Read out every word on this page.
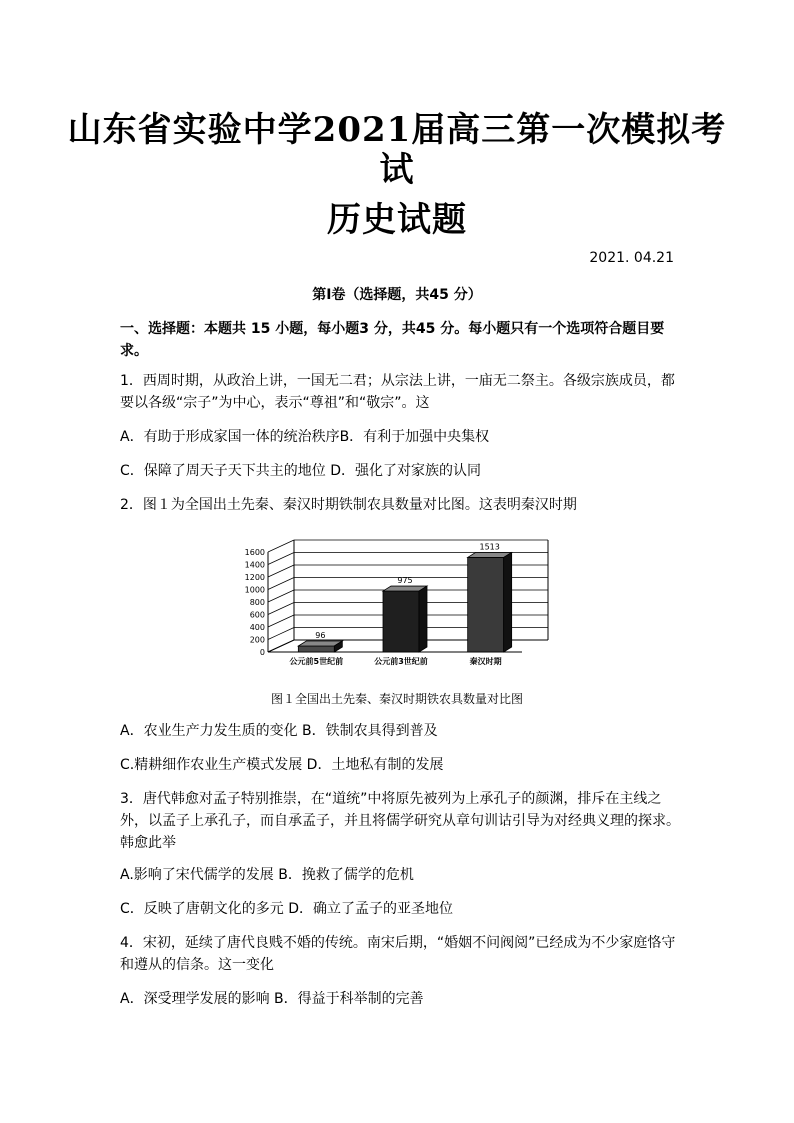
山东省实验中学2021届高三第一次模拟考
试
历史试题
2021. 04.21
第Ⅰ卷（选择题，共45 分）
一、选择题：本题共 15 小题，每小题3 分，共45 分。每小题只有一个选项符合题目要求。
1．西周时期，从政治上讲，一国无二君；从宗法上讲，一庙无二祭主。各级宗族成员，都要以各级“宗子”为中心，表示“尊祖”和“敬宗”。这
A．有助于形成家国一体的统治秩序B．有利于加强中央集权
C．保障了周天子天下共主的地位 D．强化了对家族的认同
2．图１为全国出土先秦、秦汉时期铁制农具数量对比图。这表明秦汉时期
0
200
400
600
800
1000
1200
1400
1600
96
公元前5世纪前
975
公元前3世纪前
1513
秦汉时期
图１全国出土先秦、秦汉时期铁农具数量对比图
A．农业生产力发生质的变化 B．铁制农具得到普及
C.精耕细作农业生产模式发展 D．土地私有制的发展
3．唐代韩愈对孟子特别推崇，在“道统”中将原先被列为上承孔子的颜渊，排斥在主线之外，以孟子上承孔子，而自承孟子，并且将儒学研究从章句训诂引导为对经典义理的探求。韩愈此举
A.影响了宋代儒学的发展 B．挽救了儒学的危机
C．反映了唐朝文化的多元 D．确立了孟子的亚圣地位
4．宋初，延续了唐代良贱不婚的传统。南宋后期，“婚姻不问阀阅”已经成为不少家庭恪守和遵从的信条。这一变化
A．深受理学发展的影响 B．得益于科举制的完善
